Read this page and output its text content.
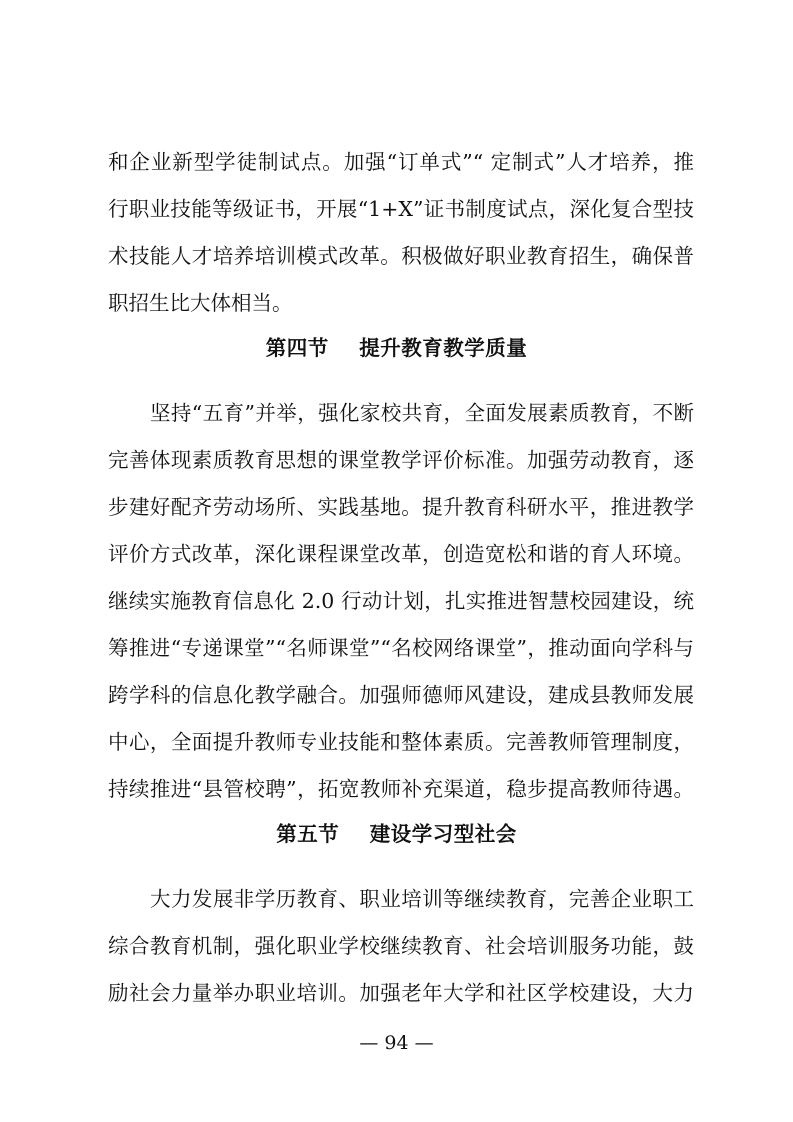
和企业新型学徒制试点。加强“订单式”“ 定制式”人才培养，推
行职业技能等级证书，开展“1+X”证书制度试点，深化复合型技
术技能人才培养培训模式改革。积极做好职业教育招生，确保普
职招生比大体相当。
第四节    提升教育教学质量
坚持“五育”并举，强化家校共育，全面发展素质教育，不断
完善体现素质教育思想的课堂教学评价标准。加强劳动教育，逐
步建好配齐劳动场所、实践基地。提升教育科研水平，推进教学
评价方式改革，深化课程课堂改革，创造宽松和谐的育人环境。
继续实施教育信息化 2.0 行动计划，扎实推进智慧校园建设，统
筹推进“专递课堂”“名师课堂”“名校网络课堂”，推动面向学科与
跨学科的信息化教学融合。加强师德师风建设，建成县教师发展
中心，全面提升教师专业技能和整体素质。完善教师管理制度，
持续推进“县管校聘”，拓宽教师补充渠道，稳步提高教师待遇。
第五节    建设学习型社会
大力发展非学历教育、职业培训等继续教育，完善企业职工
综合教育机制，强化职业学校继续教育、社会培训服务功能，鼓
励社会力量举办职业培训。加强老年大学和社区学校建设，大力
— 94 —
